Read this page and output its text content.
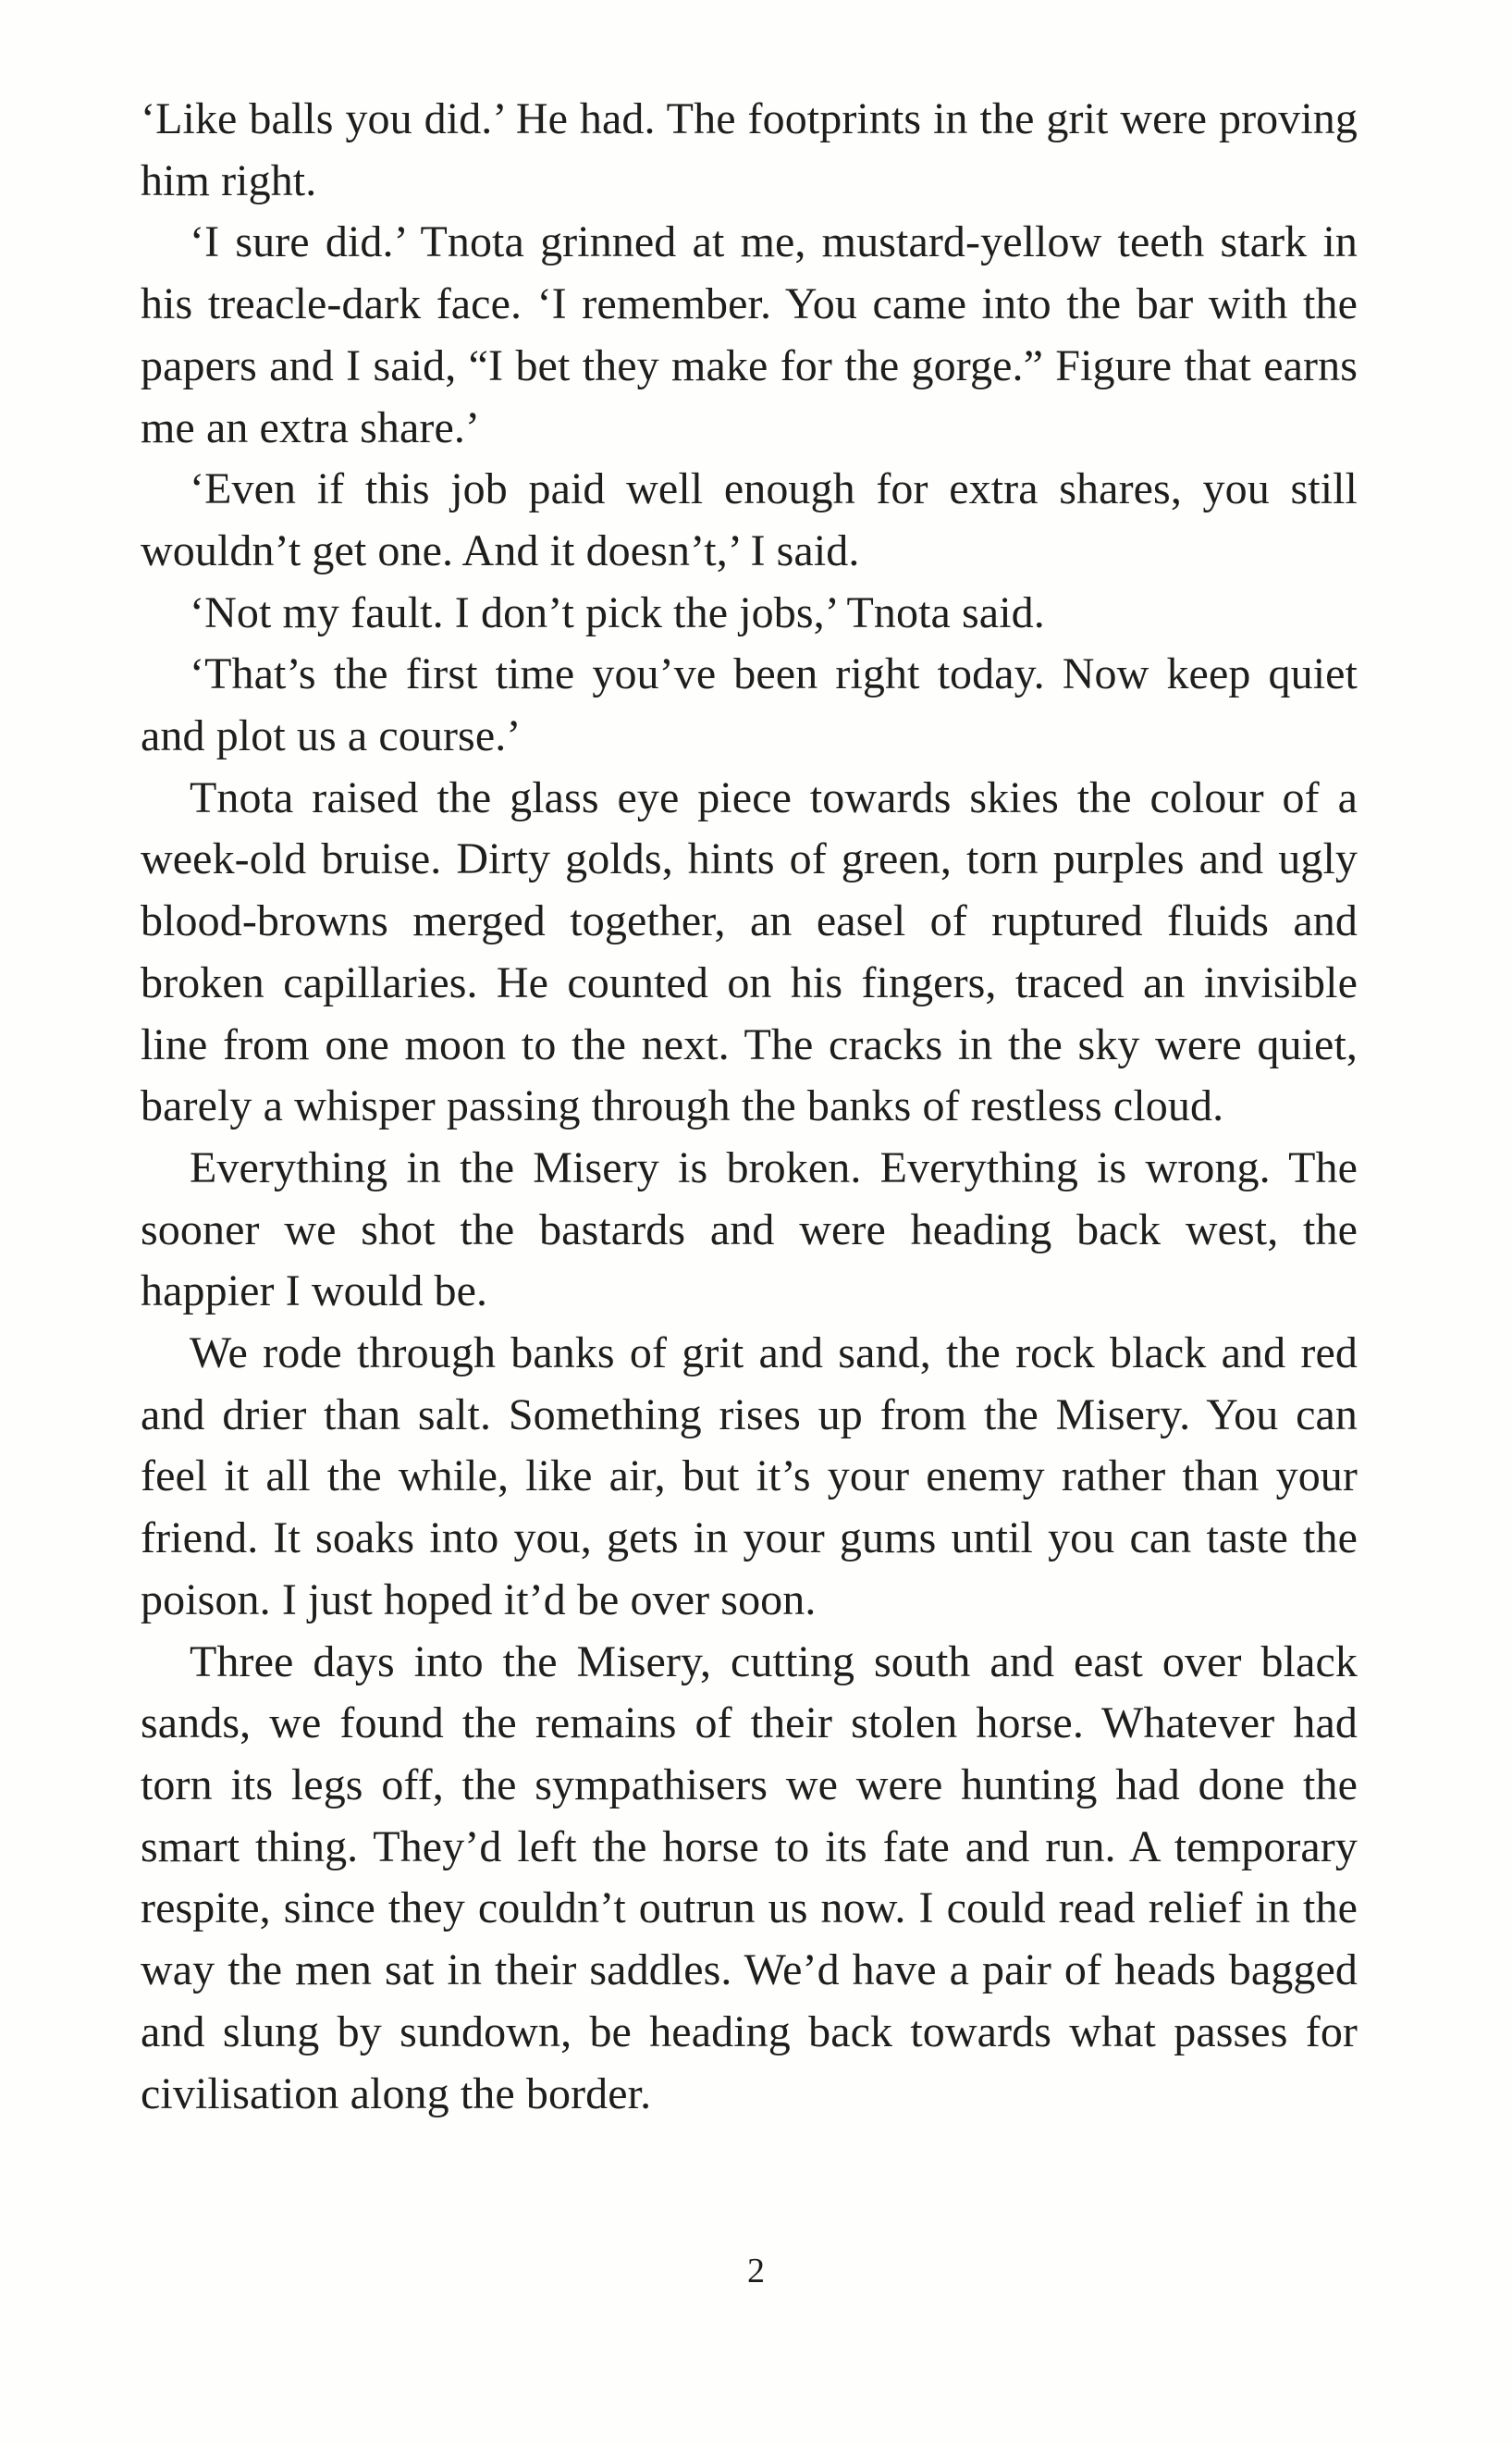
‘Like balls you did.’ He had. The footprints in the grit were proving him right.

‘I sure did.’ Tnota grinned at me, mustard-yellow teeth stark in his treacle-dark face. ‘I remember. You came into the bar with the papers and I said, “I bet they make for the gorge.” Figure that earns me an extra share.’

‘Even if this job paid well enough for extra shares, you still wouldn’t get one. And it doesn’t,’ I said.

‘Not my fault. I don’t pick the jobs,’ Tnota said.

‘That’s the first time you’ve been right today. Now keep quiet and plot us a course.’

Tnota raised the glass eye piece towards skies the colour of a week-old bruise. Dirty golds, hints of green, torn purples and ugly blood-browns merged together, an easel of ruptured fluids and broken capillaries. He counted on his fingers, traced an invisible line from one moon to the next. The cracks in the sky were quiet, barely a whisper passing through the banks of restless cloud.

Everything in the Misery is broken. Everything is wrong. The sooner we shot the bastards and were heading back west, the happier I would be.

We rode through banks of grit and sand, the rock black and red and drier than salt. Something rises up from the Misery. You can feel it all the while, like air, but it’s your enemy rather than your friend. It soaks into you, gets in your gums until you can taste the poison. I just hoped it’d be over soon.

Three days into the Misery, cutting south and east over black sands, we found the remains of their stolen horse. Whatever had torn its legs off, the sympathisers we were hunting had done the smart thing. They’d left the horse to its fate and run. A temporary respite, since they couldn’t outrun us now. I could read relief in the way the men sat in their saddles. We’d have a pair of heads bagged and slung by sundown, be heading back towards what passes for civilisation along the border.

2
